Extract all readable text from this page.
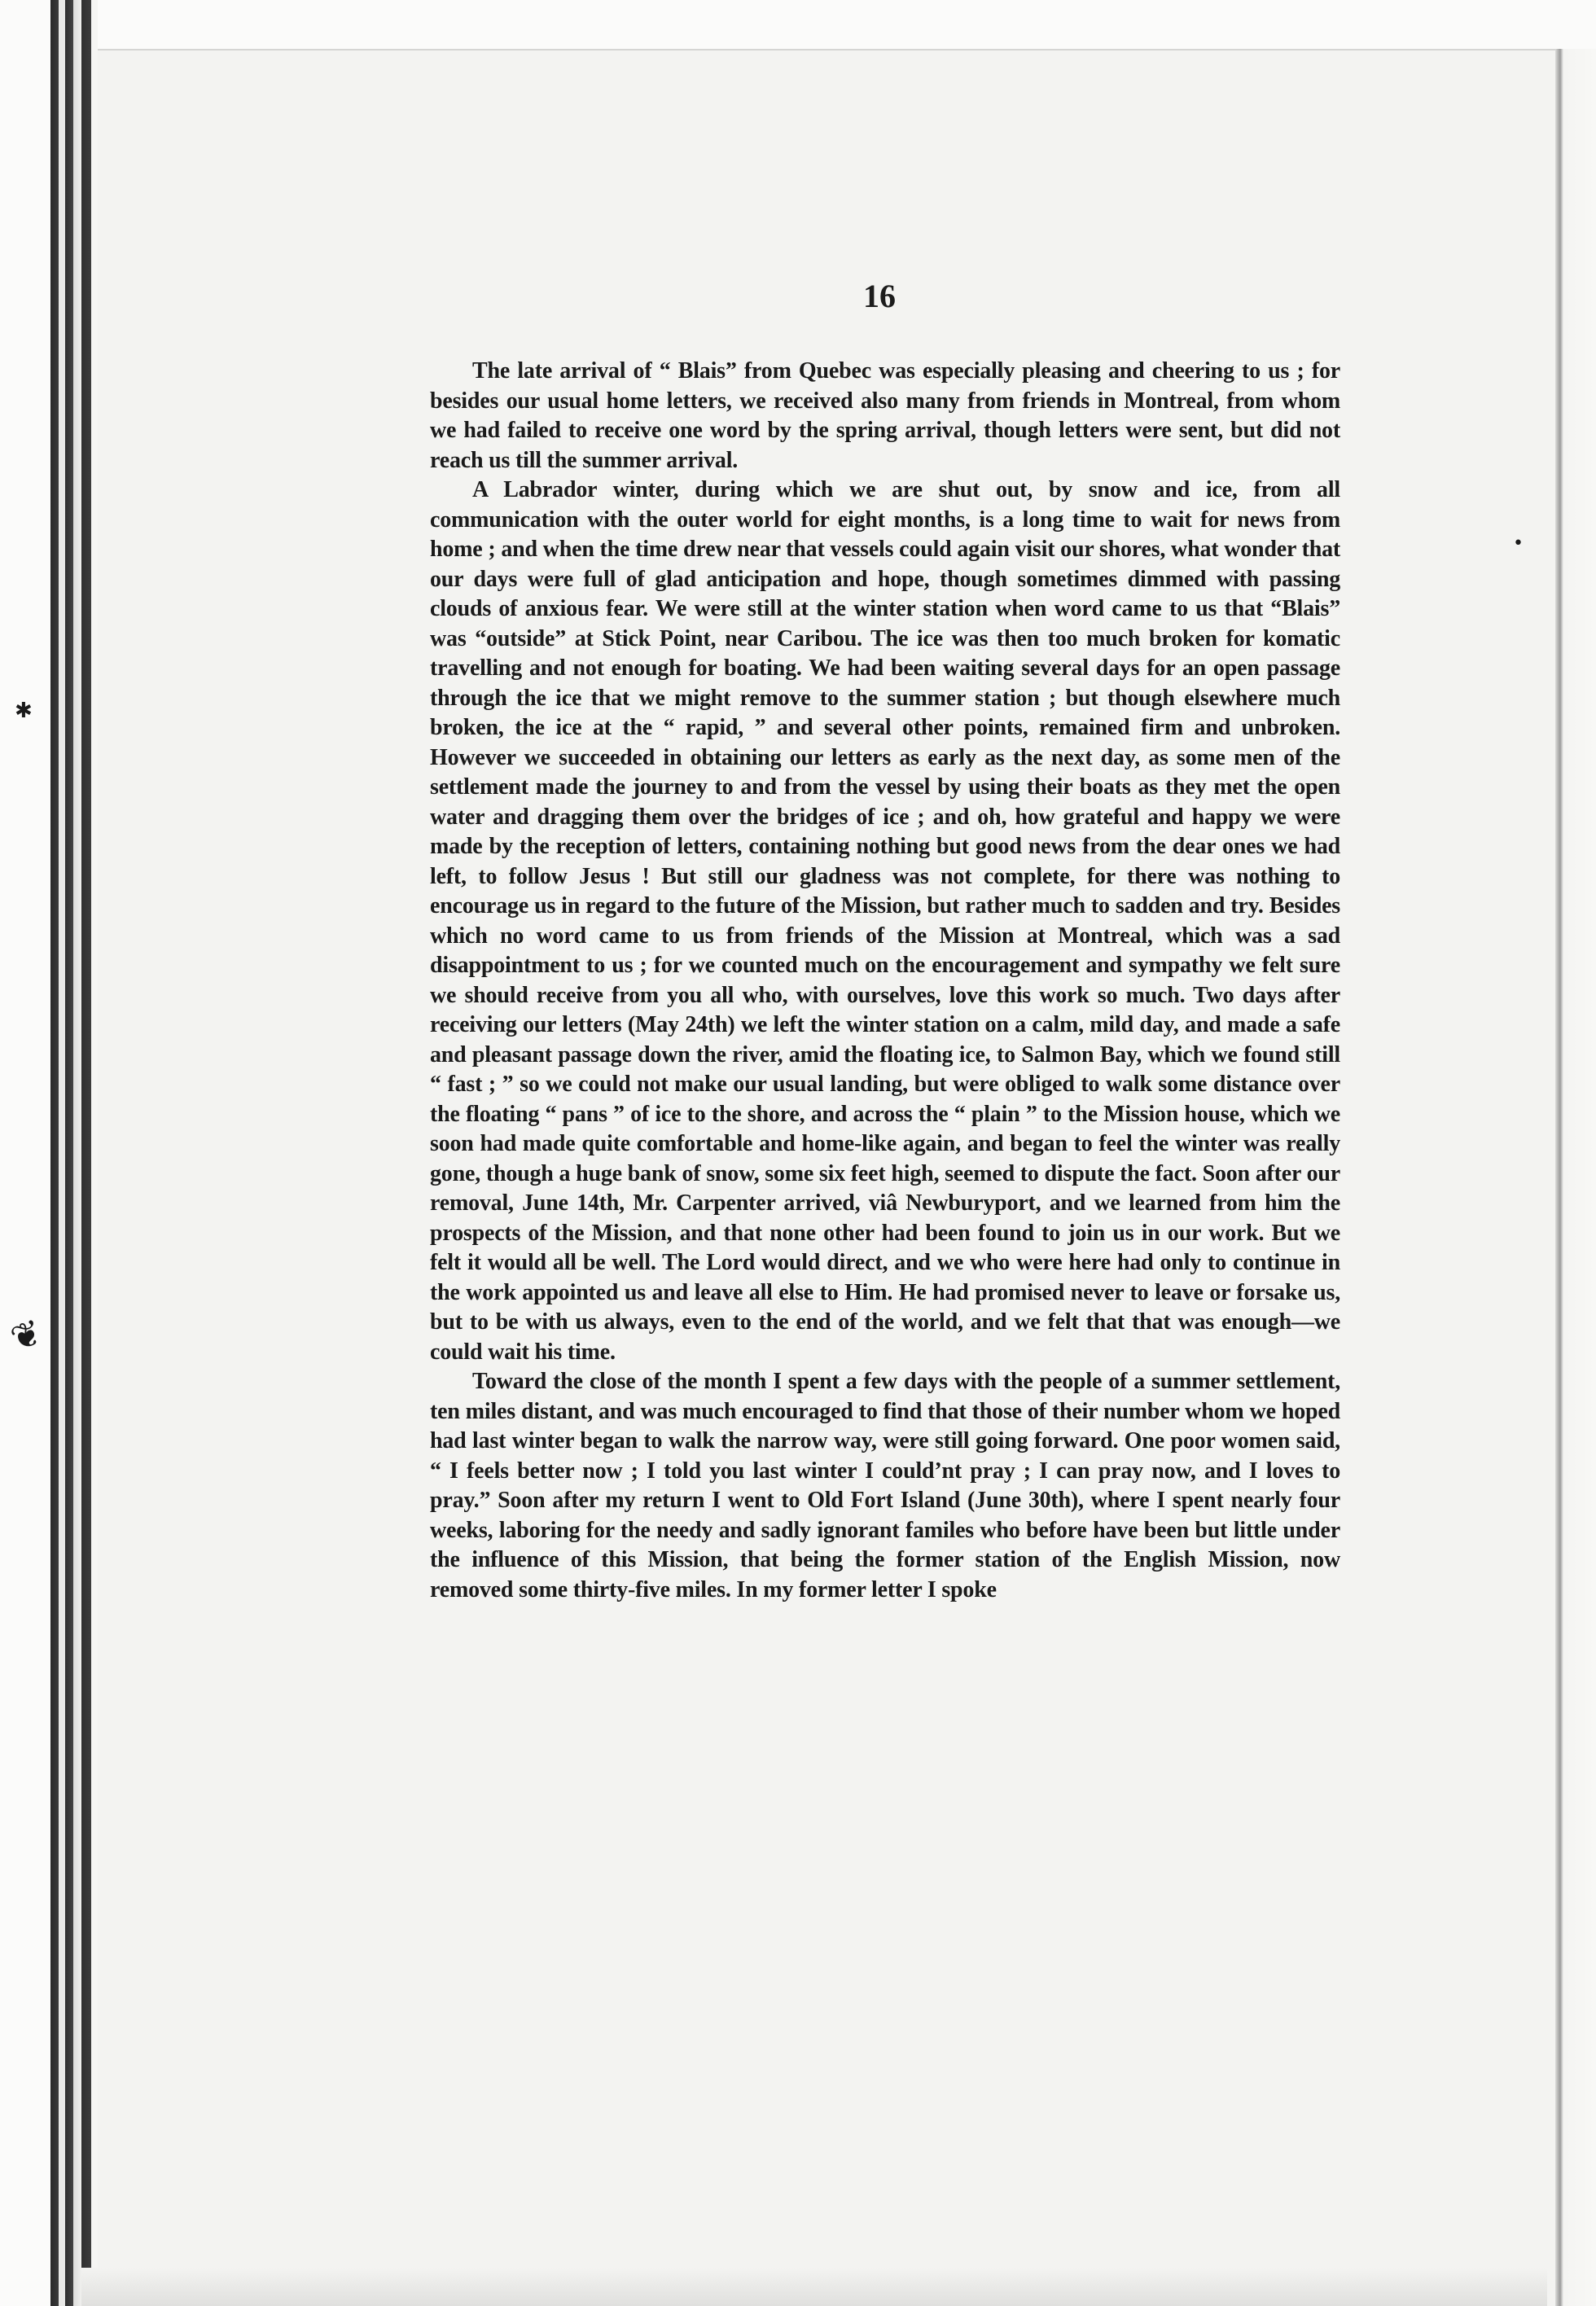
✱
❦
•
16

The late arrival of “ Blais” from Quebec was especially pleasing and cheering to us ; for besides our usual home letters, we received also many from friends in Montreal, from whom we had failed to receive one word by the spring arrival, though letters were sent, but did not reach us till the summer arrival.

A Labrador winter, during which we are shut out, by snow and ice, from all communication with the outer world for eight months, is a long time to wait for news from home ; and when the time drew near that vessels could again visit our shores, what wonder that our days were full of glad anticipation and hope, though sometimes dimmed with passing clouds of anxious fear. We were still at the winter station when word came to us that “Blais” was “outside” at Stick Point, near Caribou. The ice was then too much broken for komatic travelling and not enough for boating. We had been waiting several days for an open passage through the ice that we might remove to the summer station ; but though elsewhere much broken, the ice at the “ rapid, ” and several other points, remained firm and unbroken. However we succeeded in obtaining our letters as early as the next day, as some men of the settlement made the journey to and from the vessel by using their boats as they met the open water and dragging them over the bridges of ice ; and oh, how grateful and happy we were made by the reception of letters, containing nothing but good news from the dear ones we had left, to follow Jesus ! But still our gladness was not complete, for there was nothing to encourage us in regard to the future of the Mission, but rather much to sadden and try. Besides which no word came to us from friends of the Mission at Montreal, which was a sad disappointment to us ; for we counted much on the encouragement and sympathy we felt sure we should receive from you all who, with ourselves, love this work so much. Two days after receiving our letters (May 24th) we left the winter station on a calm, mild day, and made a safe and pleasant passage down the river, amid the floating ice, to Salmon Bay, which we found still “ fast ; ” so we could not make our usual landing, but were obliged to walk some distance over the floating “ pans ” of ice to the shore, and across the “ plain ” to the Mission house, which we soon had made quite comfortable and home-like again, and began to feel the winter was really gone, though a huge bank of snow, some six feet high, seemed to dispute the fact. Soon after our removal, June 14th, Mr. Carpenter arrived, viâ Newburyport, and we learned from him the prospects of the Mission, and that none other had been found to join us in our work. But we felt it would all be well. The Lord would direct, and we who were here had only to continue in the work appointed us and leave all else to Him. He had promised never to leave or forsake us, but to be with us always, even to the end of the world, and we felt that that was enough—we could wait his time.

Toward the close of the month I spent a few days with the people of a summer settlement, ten miles distant, and was much encouraged to find that those of their number whom we hoped had last winter began to walk the narrow way, were still going forward. One poor women said, “ I feels better now ; I told you last winter I could’nt pray ; I can pray now, and I loves to pray.” Soon after my return I went to Old Fort Island (June 30th), where I spent nearly four weeks, laboring for the needy and sadly ignorant familes who before have been but little under the influence of this Mission, that being the former station of the English Mission, now removed some thirty-five miles. In my former letter I spoke
